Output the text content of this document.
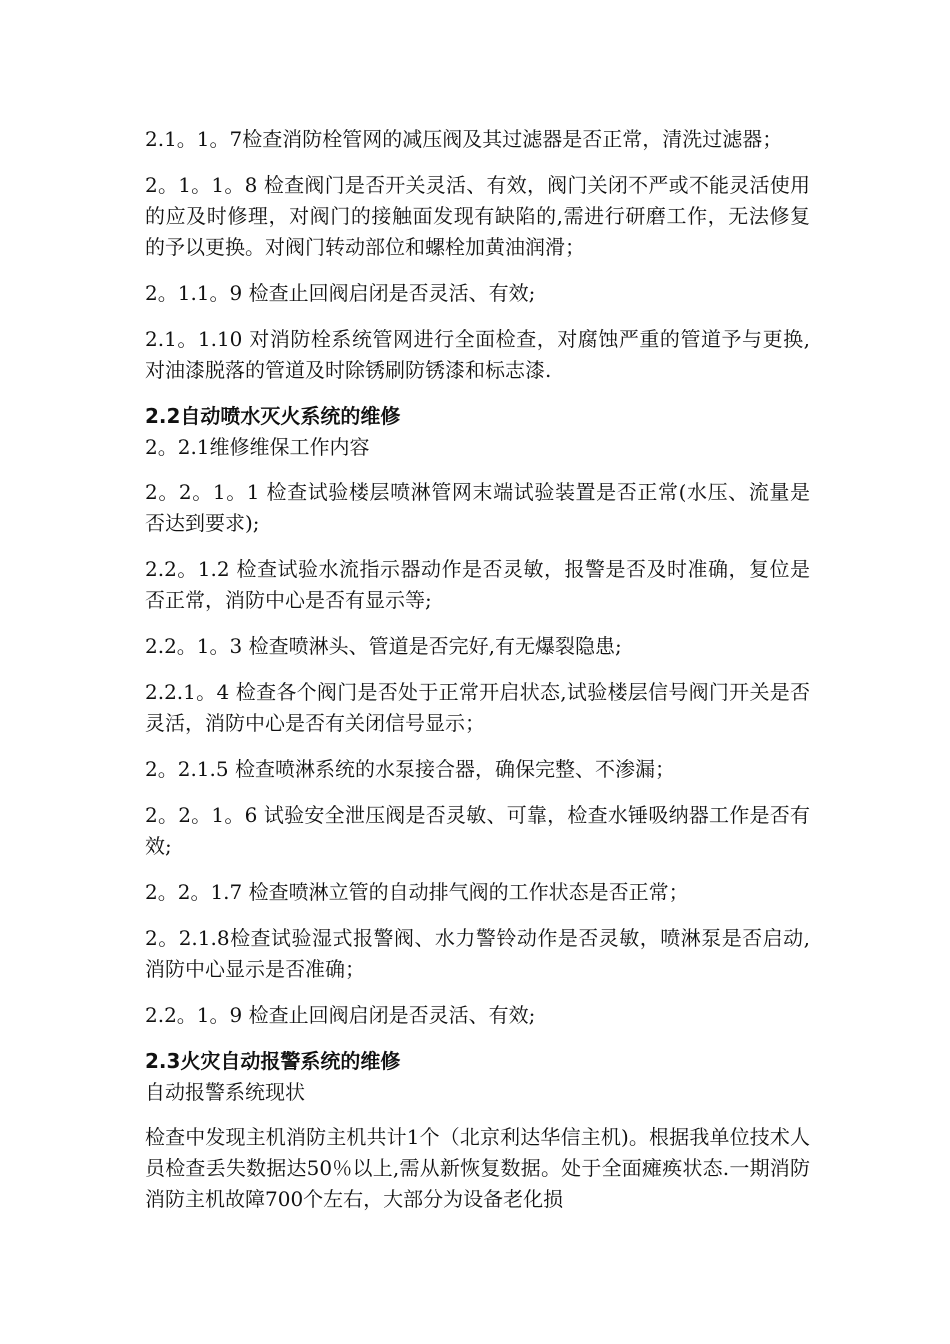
2.1。1。7检查消防栓管网的减压阀及其过滤器是否正常，清洗过滤器；

2。1。1。8 检查阀门是否开关灵活、有效，阀门关闭不严或不能灵活使用的应及时修理，对阀门的接触面发现有缺陷的,需进行研磨工作，无法修复的予以更换。对阀门转动部位和螺栓加黄油润滑；

2。1.1。9 检查止回阀启闭是否灵活、有效;

2.1。1.10 对消防栓系统管网进行全面检查，对腐蚀严重的管道予与更换,对油漆脱落的管道及时除锈刷防锈漆和标志漆.

2.2自动喷水灭火系统的维修

2。2.1维修维保工作内容

2。2。1。1 检查试验楼层喷淋管网末端试验装置是否正常(水压、流量是否达到要求);

2.2。1.2 检查试验水流指示器动作是否灵敏，报警是否及时准确，复位是否正常，消防中心是否有显示等;

2.2。1。3 检查喷淋头、管道是否完好,有无爆裂隐患;

2.2.1。4 检查各个阀门是否处于正常开启状态,试验楼层信号阀门开关是否灵活，消防中心是否有关闭信号显示；

2。2.1.5 检查喷淋系统的水泵接合器，确保完整、不渗漏；

2。2。1。6 试验安全泄压阀是否灵敏、可靠，检查水锤吸纳器工作是否有效;

2。2。1.7 检查喷淋立管的自动排气阀的工作状态是否正常；

2。2.1.8检查试验湿式报警阀、水力警铃动作是否灵敏，喷淋泵是否启动,消防中心显示是否准确；

2.2。1。9 检查止回阀启闭是否灵活、有效;

2.3火灾自动报警系统的维修

自动报警系统现状

检查中发现主机消防主机共计1个（北京利达华信主机)。根据我单位技术人员检查丢失数据达50％以上,需从新恢复数据。处于全面瘫痪状态.一期消防消防主机故障700个左右，大部分为设备老化损
